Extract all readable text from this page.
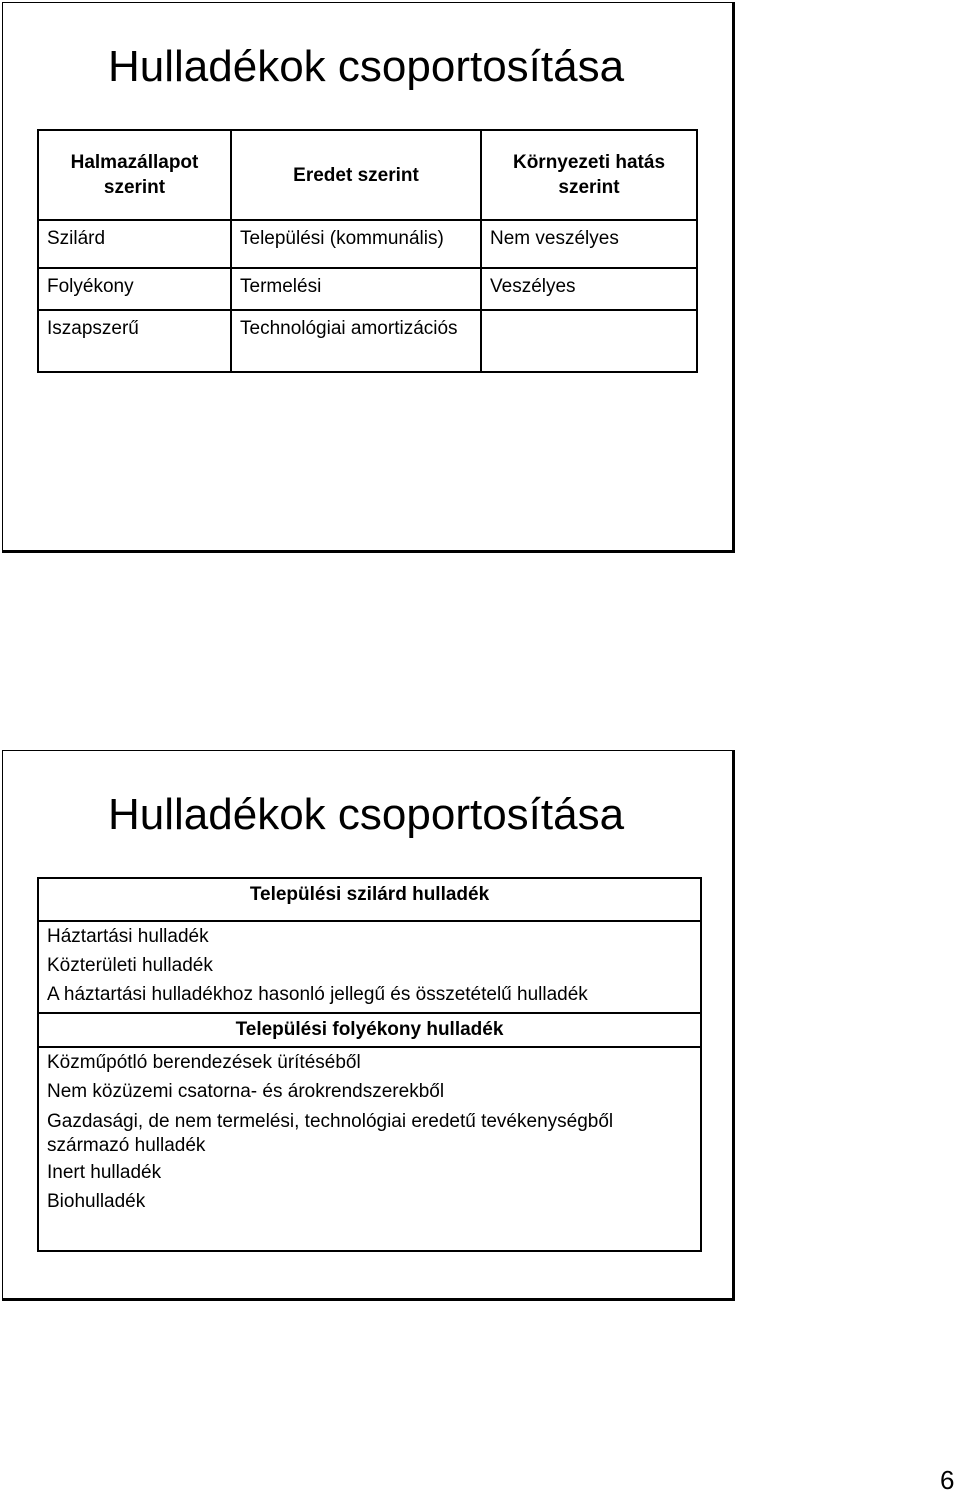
Hulladékok csoportosítása
Halmazállapot szerint	Eredet szerint	Környezeti hatás szerint
Szilárd	Települési (kommunális)	Nem veszélyes
Folyékony	Termelési	Veszélyes
Iszapszerű	Technológiai amortizációs	
Hulladékok csoportosítása
Települési szilárd hulladék
Háztartási hulladék
Közterületi hulladék
A háztartási hulladékhoz hasonló jellegű és összetételű hulladék
Települési folyékony hulladék
Közműpótló berendezések ürítéséből
Nem közüzemi csatorna- és árokrendszerekből
Gazdasági, de nem termelési, technológiai eredetű tevékenységből származó hulladék
Inert hulladék
Biohulladék
6
